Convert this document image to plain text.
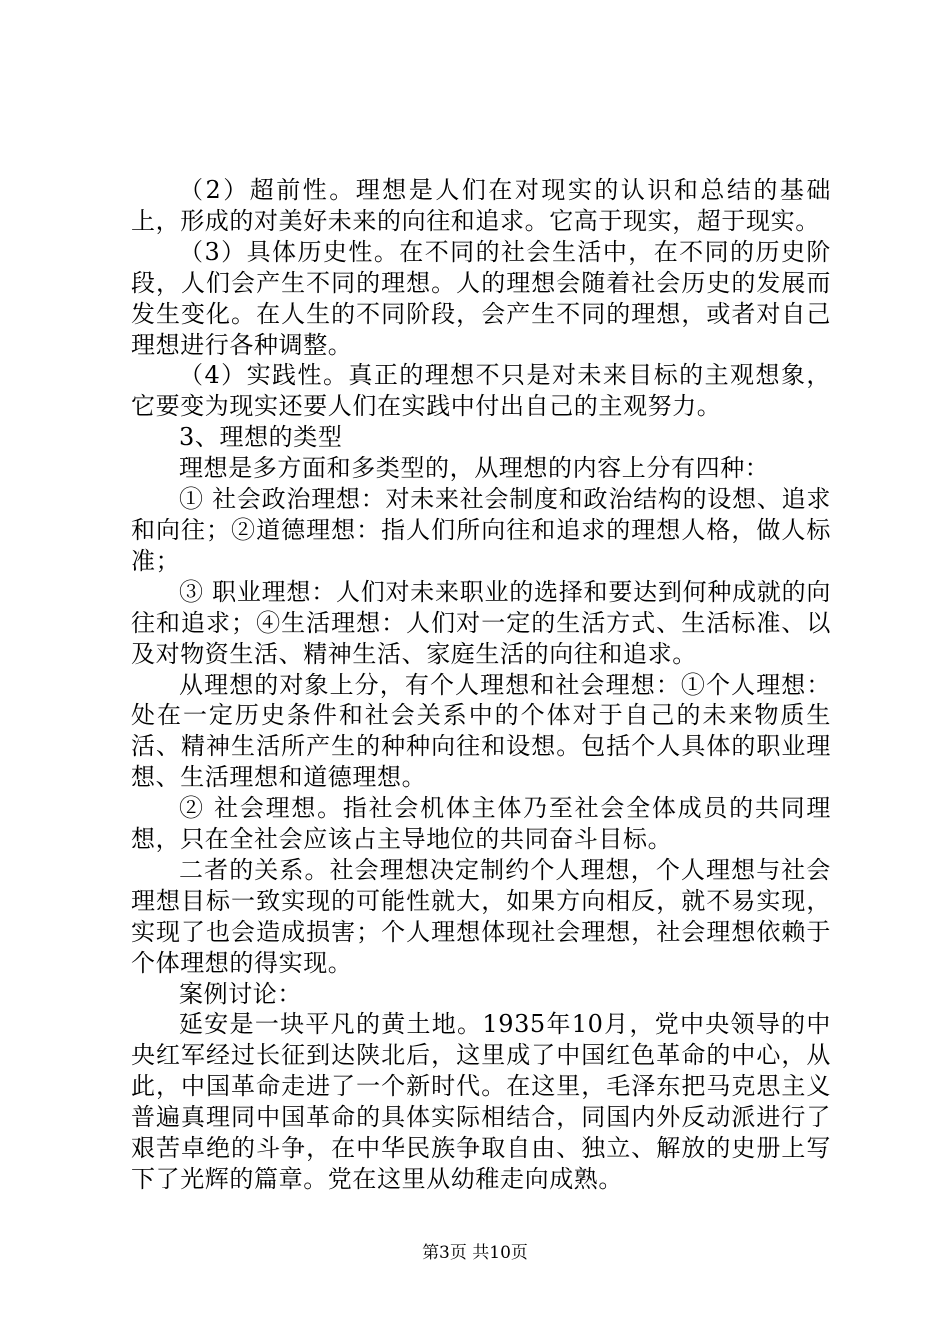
（2）超前性。理想是人们在对现实的认识和总结的基础上，形成的对美好未来的向往和追求。它高于现实，超于现实。

（3）具体历史性。在不同的社会生活中，在不同的历史阶段，人们会产生不同的理想。人的理想会随着社会历史的发展而发生变化。在人生的不同阶段，会产生不同的理想，或者对自己理想进行各种调整。

（4）实践性。真正的理想不只是对未来目标的主观想象，它要变为现实还要人们在实践中付出自己的主观努力。

3、理想的类型

理想是多方面和多类型的，从理想的内容上分有四种：

① 社会政治理想：对未来社会制度和政治结构的设想、追求和向往；②道德理想：指人们所向往和追求的理想人格，做人标准；

③ 职业理想：人们对未来职业的选择和要达到何种成就的向往和追求；④生活理想：人们对一定的生活方式、生活标准、以及对物资生活、精神生活、家庭生活的向往和追求。

从理想的对象上分，有个人理想和社会理想：①个人理想：处在一定历史条件和社会关系中的个体对于自己的未来物质生活、精神生活所产生的种种向往和设想。包括个人具体的职业理想、生活理想和道德理想。

② 社会理想。指社会机体主体乃至社会全体成员的共同理想，只在全社会应该占主导地位的共同奋斗目标。

二者的关系。社会理想决定制约个人理想，个人理想与社会理想目标一致实现的可能性就大，如果方向相反，就不易实现，实现了也会造成损害；个人理想体现社会理想，社会理想依赖于个体理想的得实现。

案例讨论：

延安是一块平凡的黄土地。1935年10月，党中央领导的中央红军经过长征到达陕北后，这里成了中国红色革命的中心，从此，中国革命走进了一个新时代。在这里，毛泽东把马克思主义普遍真理同中国革命的具体实际相结合，同国内外反动派进行了艰苦卓绝的斗争，在中华民族争取自由、独立、解放的史册上写下了光辉的篇章。党在这里从幼稚走向成熟。

第3页 共10页
